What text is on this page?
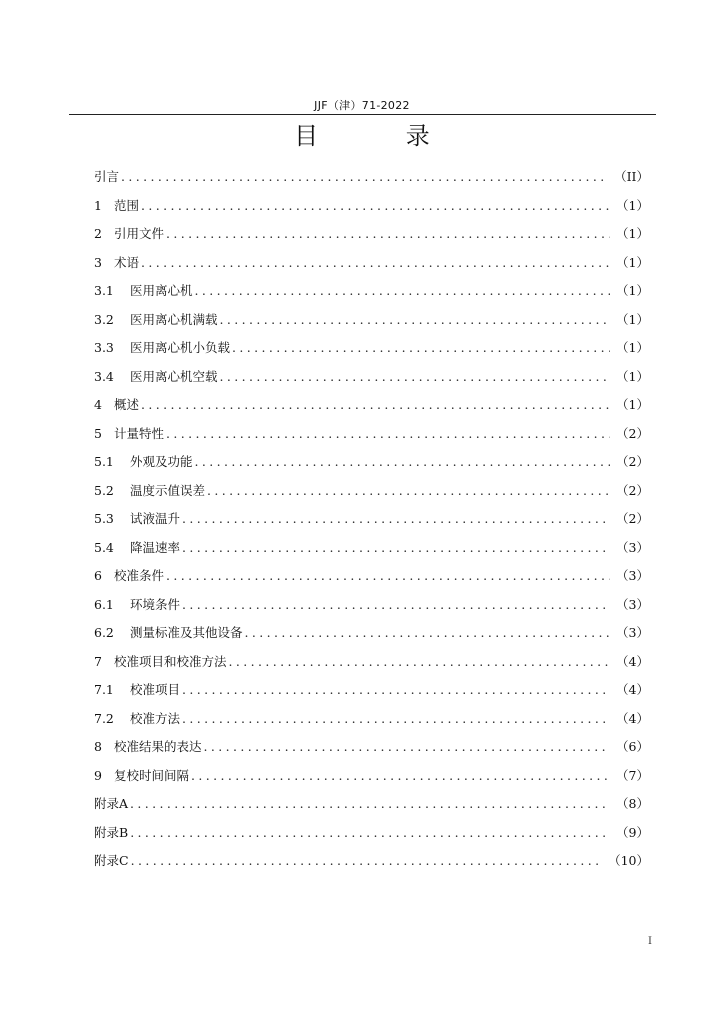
JJF（津）71-2022
目 录
引言 .....	（II）
1 范围 .....	（1）
2 引用文件 .....	（1）
3 术语 .....	（1）
3.1	医用离心机 .....	（1）
3.2	医用离心机满载 .....	（1）
3.3	医用离心机小负载 .....	（1）
3.4	医用离心机空载 .....	（1）
4 概述 .....	（1）
5 计量特性 .....	（2）
5.1	外观及功能 .....	（2）
5.2	温度示值误差 .....	（2）
5.3	试液温升 .....	（2）
5.4	降温速率 .....	（3）
6 校准条件 .....	（3）
6.1	环境条件 .....	（3）
6.2	测量标准及其他设备 .....	（3）
7 校准项目和校准方法 .....	（4）
7.1	校准项目 .....	（4）
7.2	校准方法 .....	（4）
8 校准结果的表达 .....	（6）
9 复校时间间隔 .....	（7）
附录A .....	（8）
附录B .....	（9）
附录C .....	（10）
I
